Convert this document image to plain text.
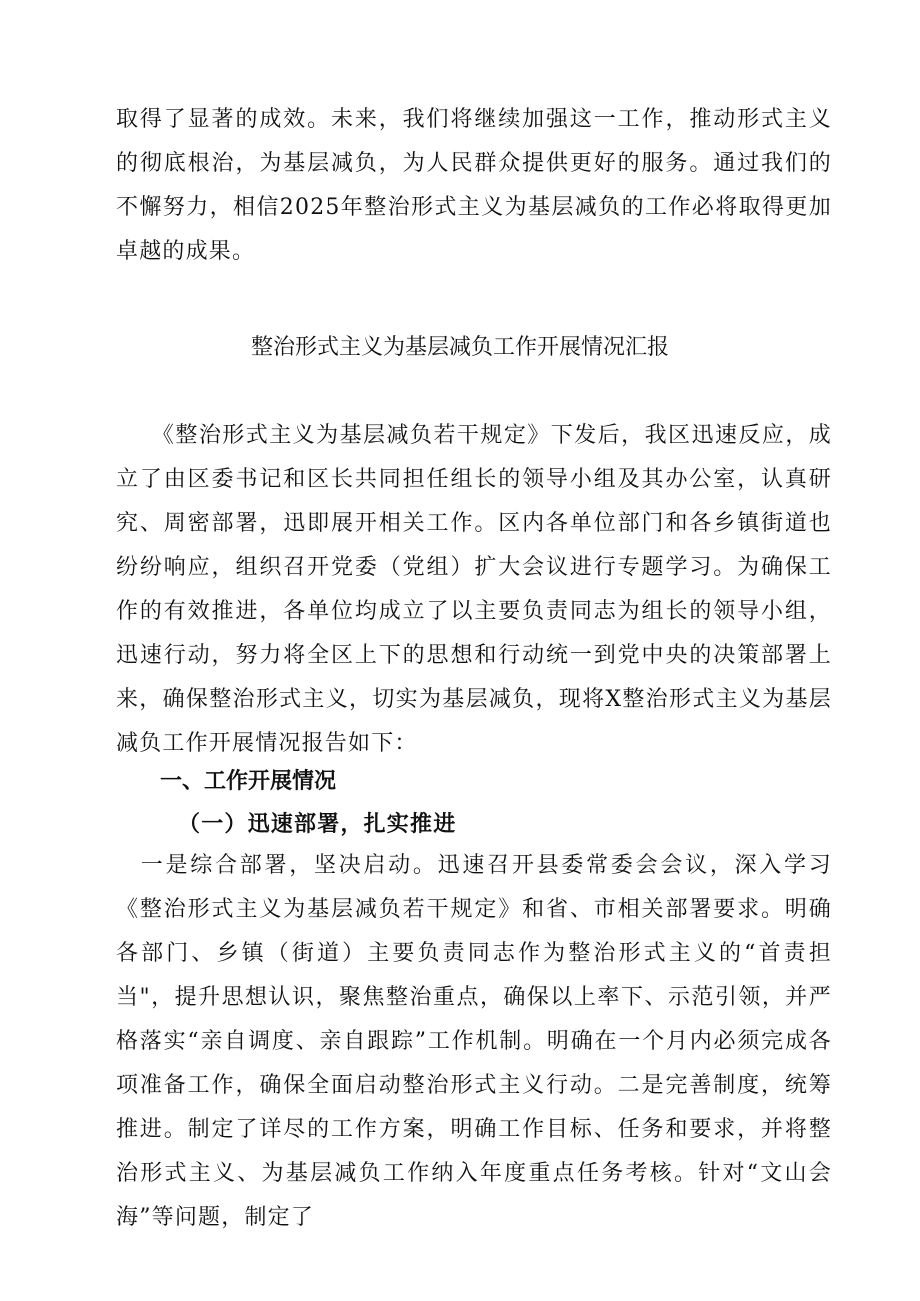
取得了显著的成效。未来，我们将继续加强这一工作，推动形式主义的彻底根治，为基层减负，为人民群众提供更好的服务。通过我们的不懈努力，相信2025年整治形式主义为基层减负的工作必将取得更加卓越的成果。

整治形式主义为基层减负工作开展情况汇报

　　《整治形式主义为基层减负若干规定》下发后，我区迅速反应，成立了由区委书记和区长共同担任组长的领导小组及其办公室，认真研究、周密部署，迅即展开相关工作。区内各单位部门和各乡镇街道也纷纷响应，组织召开党委（党组）扩大会议进行专题学习。为确保工作的有效推进，各单位均成立了以主要负责同志为组长的领导小组，迅速行动，努力将全区上下的思想和行动统一到党中央的决策部署上来，确保整治形式主义，切实为基层减负，现将X整治形式主义为基层减负工作开展情况报告如下：

一、工作开展情况
（一）迅速部署，扎实推进

　一是综合部署，坚决启动。迅速召开县委常委会会议，深入学习《整治形式主义为基层减负若干规定》和省、市相关部署要求。明确各部门、乡镇（街道）主要负责同志作为整治形式主义的“首责担当"，提升思想认识，聚焦整治重点，确保以上率下、示范引领，并严格落实“亲自调度、亲自跟踪”工作机制。明确在一个月内必须完成各项准备工作，确保全面启动整治形式主义行动。二是完善制度，统筹推进。制定了详尽的工作方案，明确工作目标、任务和要求，并将整治形式主义、为基层减负工作纳入年度重点任务考核。针对“文山会海”等问题，制定了
